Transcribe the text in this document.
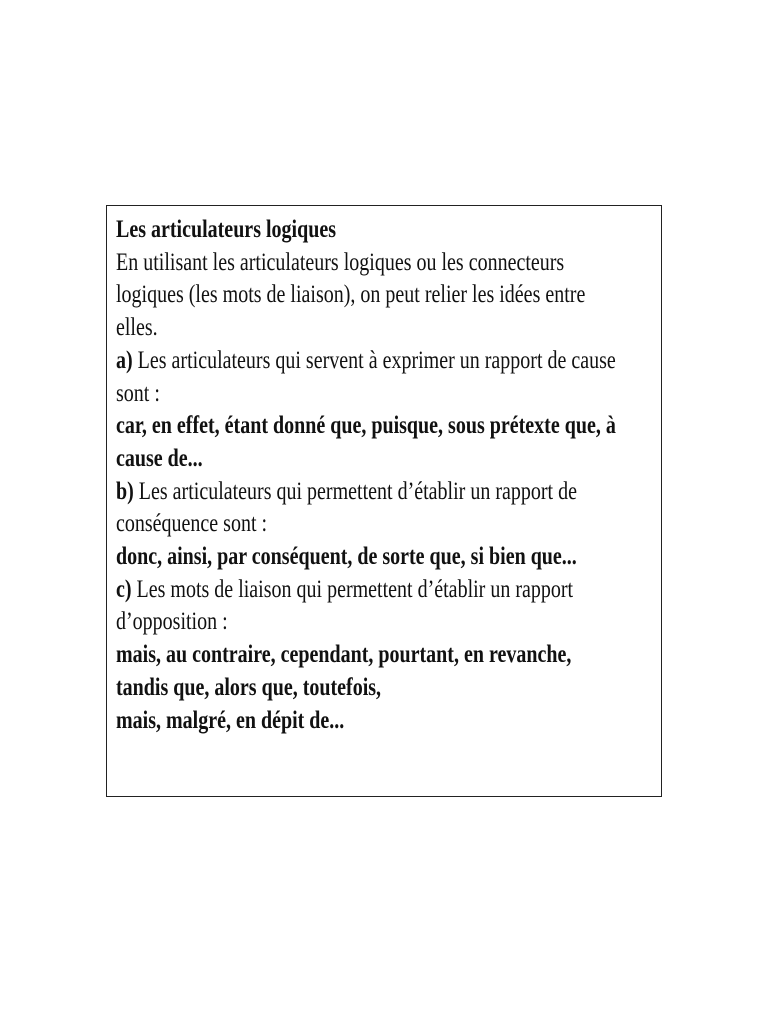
Les articulateurs logiques
En utilisant les articulateurs logiques ou les connecteurs
logiques (les mots de liaison), on peut relier les idées entre
elles.
a) Les articulateurs qui servent à exprimer un rapport de cause
sont :
car, en effet, étant donné que, puisque, sous prétexte que, à
cause de...
b) Les articulateurs qui permettent d’établir un rapport de
conséquence sont :
donc, ainsi, par conséquent, de sorte que, si bien que...
c) Les mots de liaison qui permettent d’établir un rapport
d’opposition :
mais, au contraire, cependant, pourtant, en revanche,
tandis que, alors que, toutefois,
mais, malgré, en dépit de...
